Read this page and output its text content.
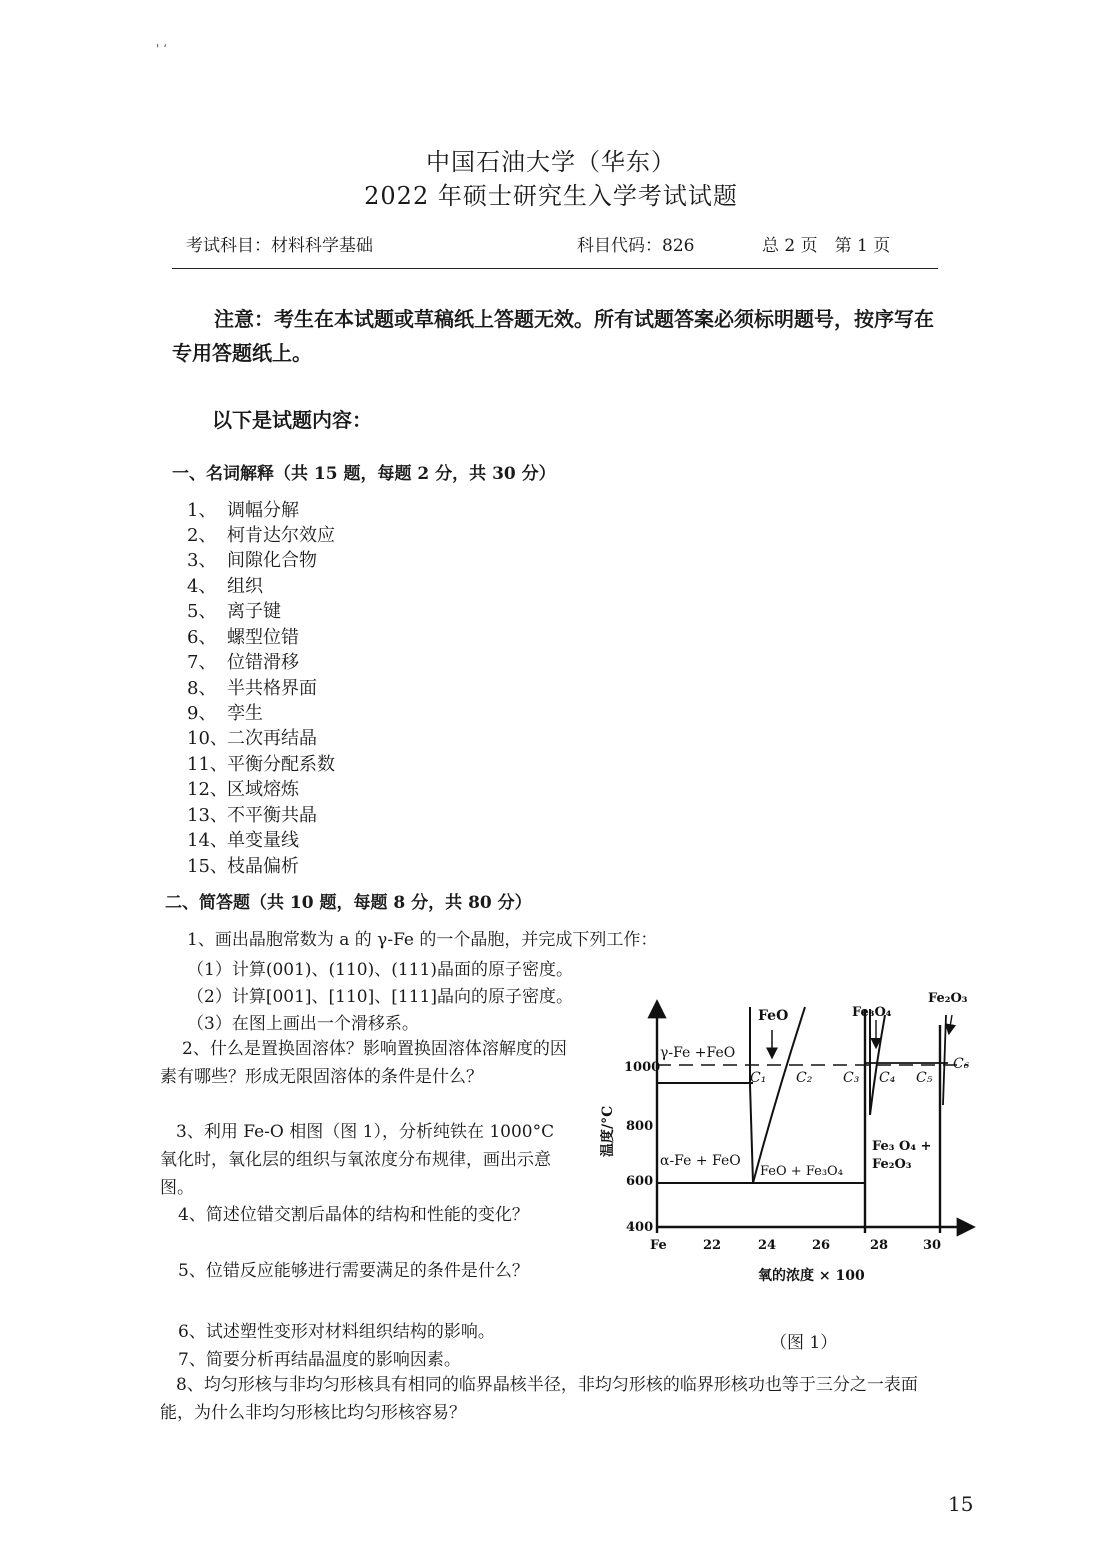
' ‘
中国石油大学（华东）
2022 年硕士研究生入学考试试题
考试科目：材料科学基础	科目代码：826	总 2 页　第 1 页
注意：考生在本试题或草稿纸上答题无效。所有试题答案必须标明题号，按序写在专用答题纸上。
以下是试题内容：
一、名词解释（共 15 题，每题 2 分，共 30 分）
1、 调幅分解
2、 柯肯达尔效应
3、 间隙化合物
4、 组织
5、 离子键
6、 螺型位错
7、 位错滑移
8、 半共格界面
9、 孪生
10、二次再结晶
11、平衡分配系数
12、区域熔炼
13、不平衡共晶
14、单变量线
15、枝晶偏析
二、简答题（共 10 题，每题 8 分，共 80 分）
1、画出晶胞常数为 a 的 γ-Fe 的一个晶胞，并完成下列工作：
（1）计算(001)、(110)、(111)晶面的原子密度。
（2）计算[001]、[110]、[111]晶向的原子密度。
（3）在图上画出一个滑移系。
2、什么是置换固溶体？影响置换固溶体溶解度的因素有哪些？形成无限固溶体的条件是什么？
3、利用 Fe-O 相图（图 1），分析纯铁在 1000°C 氧化时，氧化层的组织与氧浓度分布规律，画出示意图。
4、简述位错交割后晶体的结构和性能的变化？
5、位错反应能够进行需要满足的条件是什么？
6、试述塑性变形对材料组织结构的影响。
7、简要分析再结晶温度的影响因素。
8、均匀形核与非均匀形核具有相同的临界晶核半径，非均匀形核的临界形核功也等于三分之一表面能，为什么非均匀形核比均匀形核容易？
1000
800
600
400
温度/°C
Fe	22	24	26	28	30
氧的浓度 × 100
FeO	Fe₃O₄
Fe₂O₃
γ-Fe +FeO
α-Fe + FeO
FeO + Fe₃O₄
Fe₃ O₄ +
Fe₂O₃
C₁ C₂ C₃ C₄ C₅
C₆
（图 1）
15
